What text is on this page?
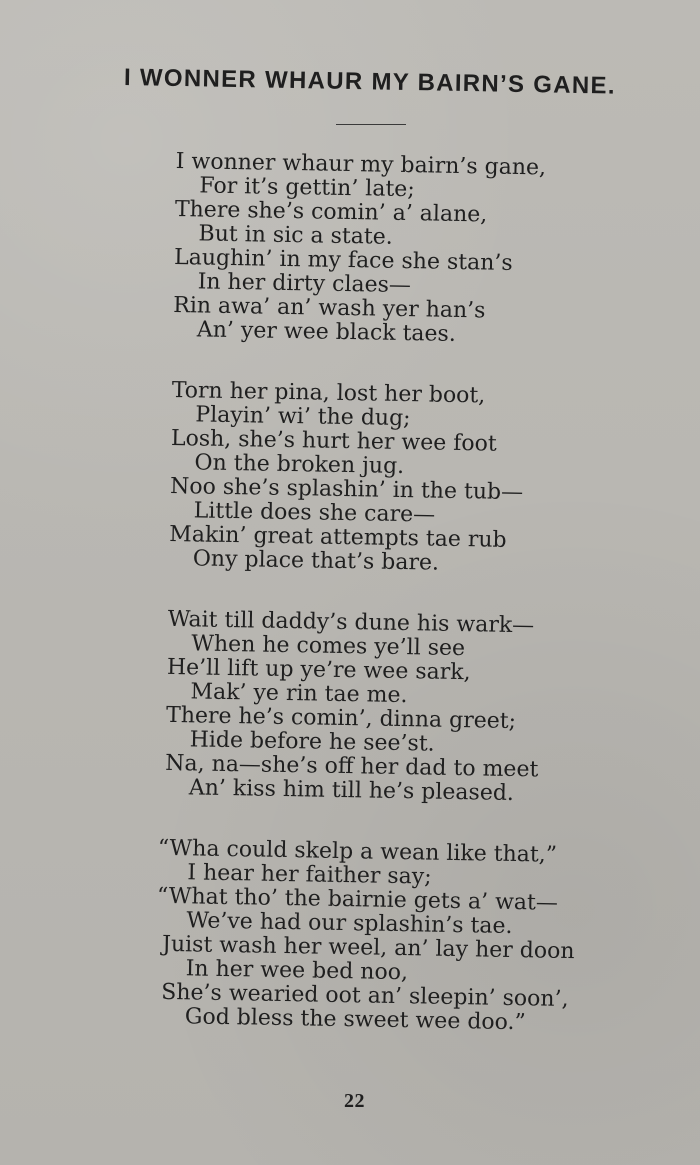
I WONNER WHAUR MY BAIRN’S GANE.
I wonner whaur my bairn’s gane,
For it’s gettin’ late;
There she’s comin’ a’ alane,
But in sic a state.
Laughin’ in my face she stan’s
In her dirty claes—
Rin awa’ an’ wash yer han’s
An’ yer wee black taes.
Torn her pina, lost her boot,
Playin’ wi’ the dug;
Losh, she’s hurt her wee foot
On the broken jug.
Noo she’s splashin’ in the tub—
Little does she care—
Makin’ great attempts tae rub
Ony place that’s bare.
Wait till daddy’s dune his wark—
When he comes ye’ll see
He’ll lift up ye’re wee sark,
Mak’ ye rin tae me.
There he’s comin’, dinna greet;
Hide before he see’st.
Na, na—she’s off her dad to meet
An’ kiss him till he’s pleased.
“Wha could skelp a wean like that,”
I hear her faither say;
“What tho’ the bairnie gets a’ wat—
We’ve had our splashin’s tae.
Juist wash her weel, an’ lay her doon
In her wee bed noo,
She’s wearied oot an’ sleepin’ soon’,
God bless the sweet wee doo.”
22
